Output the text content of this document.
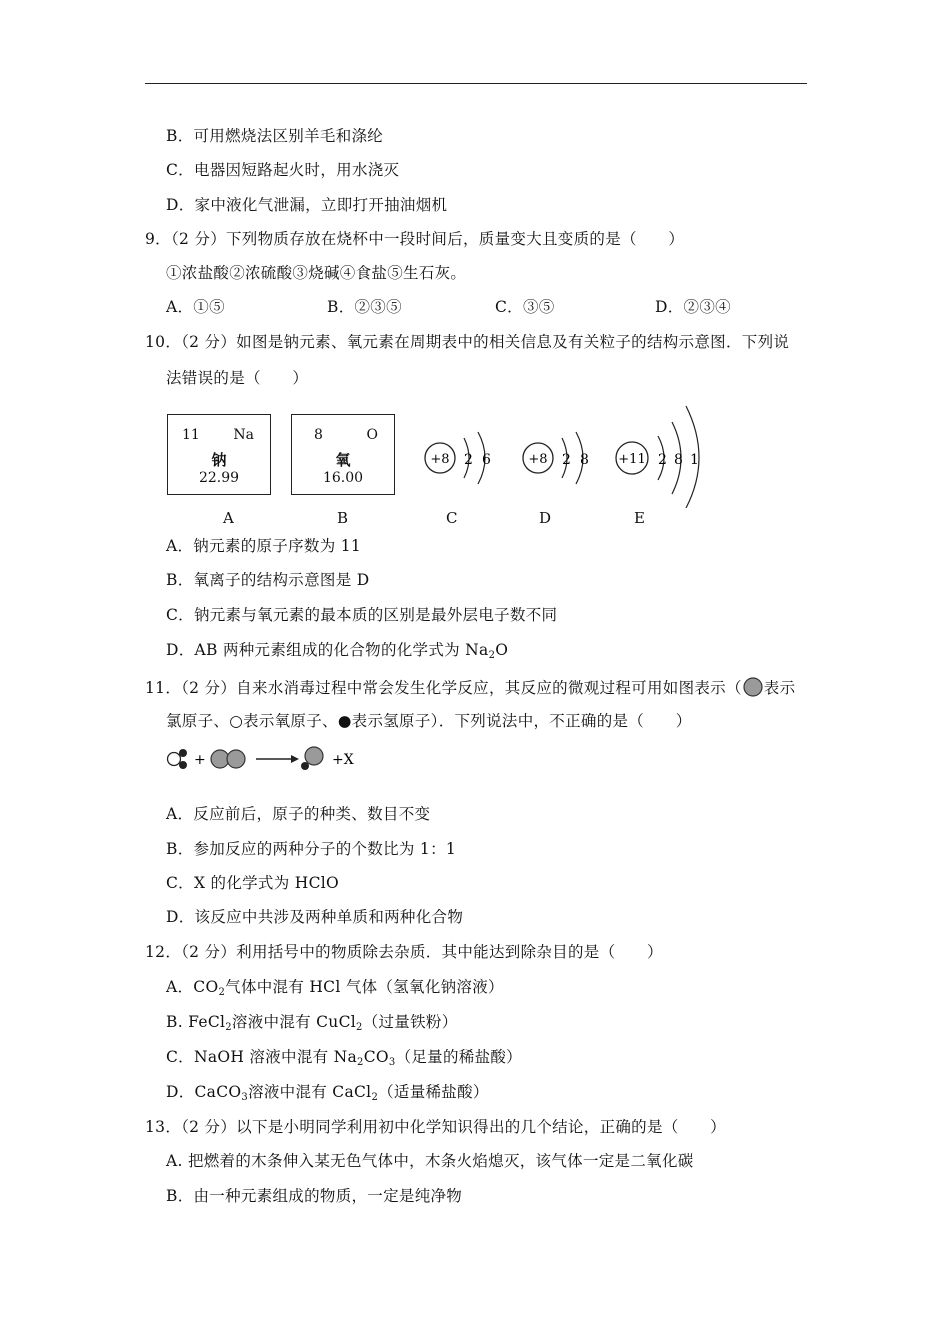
B．可用燃烧法区别羊毛和涤纶
C．电器因短路起火时，用水浇灭
D．家中液化气泄漏，立即打开抽油烟机
9．（2 分）下列物质存放在烧杯中一段时间后，质量变大且变质的是（　　）
①浓盐酸②浓硫酸③烧碱④食盐⑤生石灰。
A．①⑤	B．②③⑤	C．③⑤	D．②③④
10．（2 分）如图是钠元素、氧元素在周期表中的相关信息及有关粒子的结构示意图．下列说
法错误的是（　　）
11 Na
钠
22.99
8	O
氧
16.00
+8 2 6	+8 2 8 +11 2 8 1
A	B	C	D	E
A．钠元素的原子序数为 11
B．氧离子的结构示意图是 D
C．钠元素与氧元素的最本质的区别是最外层电子数不同
D．AB 两种元素组成的化合物的化学式为 $Na_2O$
11．（2 分）自来水消毒过程中常会发生化学反应，其反应的微观过程可用如图表示（ 表示
氯原子、○表示氧原子、●表示氢原子）．下列说法中，不正确的是（　　）
+	+X
A．反应前后，原子的种类、数目不变
B．参加反应的两种分子的个数比为 1：1
C．X 的化学式为 HClO
D．该反应中共涉及两种单质和两种化合物
12．（2 分）利用括号中的物质除去杂质．其中能达到除杂目的是（　　）
A．$CO_2$气体中混有 HCl 气体（氢氧化钠溶液）
B. FeCl$_2$溶液中混有 CuCl$_2$（过量铁粉）
C．NaOH 溶液中混有 $Na_2CO_3$（足量的稀盐酸）
D．CaCO$_3$溶液中混有 CaCl$_2$（适量稀盐酸）
13．（2 分）以下是小明同学利用初中化学知识得出的几个结论，正确的是（　　）
A. 把燃着的木条伸入某无色气体中，木条火焰熄灭，该气体一定是二氧化碳
B．由一种元素组成的物质，一定是纯净物
